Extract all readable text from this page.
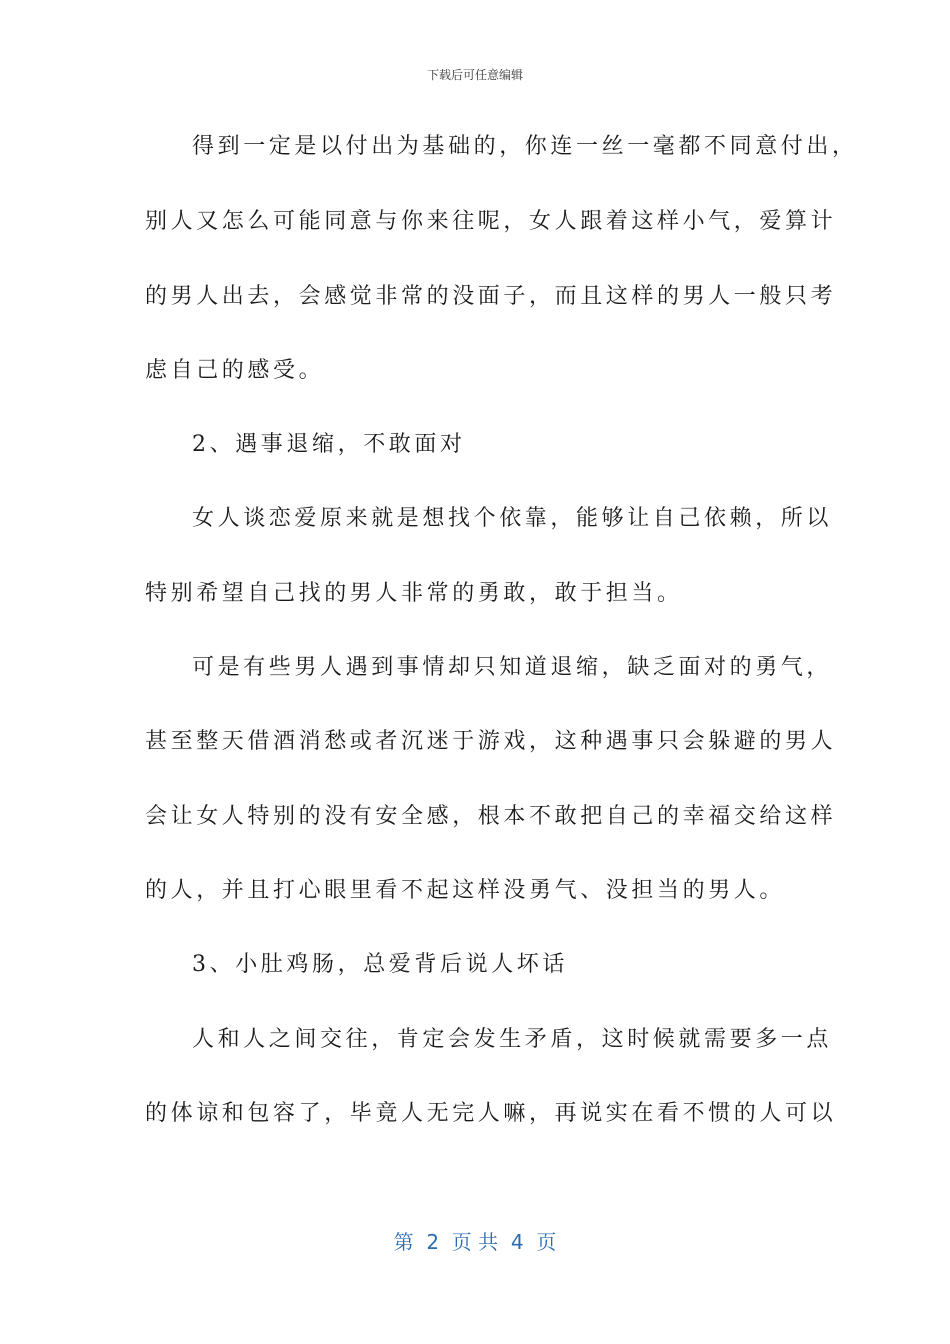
下载后可任意编辑
得到一定是以付出为基础的，你连一丝一毫都不同意付出，
别人又怎么可能同意与你来往呢，女人跟着这样小气，爱算计
的男人出去，会感觉非常的没面子，而且这样的男人一般只考
虑自己的感受。
2、遇事退缩，不敢面对
女人谈恋爱原来就是想找个依靠，能够让自己依赖，所以
特别希望自己找的男人非常的勇敢，敢于担当。
可是有些男人遇到事情却只知道退缩，缺乏面对的勇气，
甚至整天借酒消愁或者沉迷于游戏，这种遇事只会躲避的男人
会让女人特别的没有安全感，根本不敢把自己的幸福交给这样
的人，并且打心眼里看不起这样没勇气、没担当的男人。
3、小肚鸡肠，总爱背后说人坏话
人和人之间交往，肯定会发生矛盾，这时候就需要多一点
的体谅和包容了，毕竟人无完人嘛，再说实在看不惯的人可以
第  2  页 共  4  页
